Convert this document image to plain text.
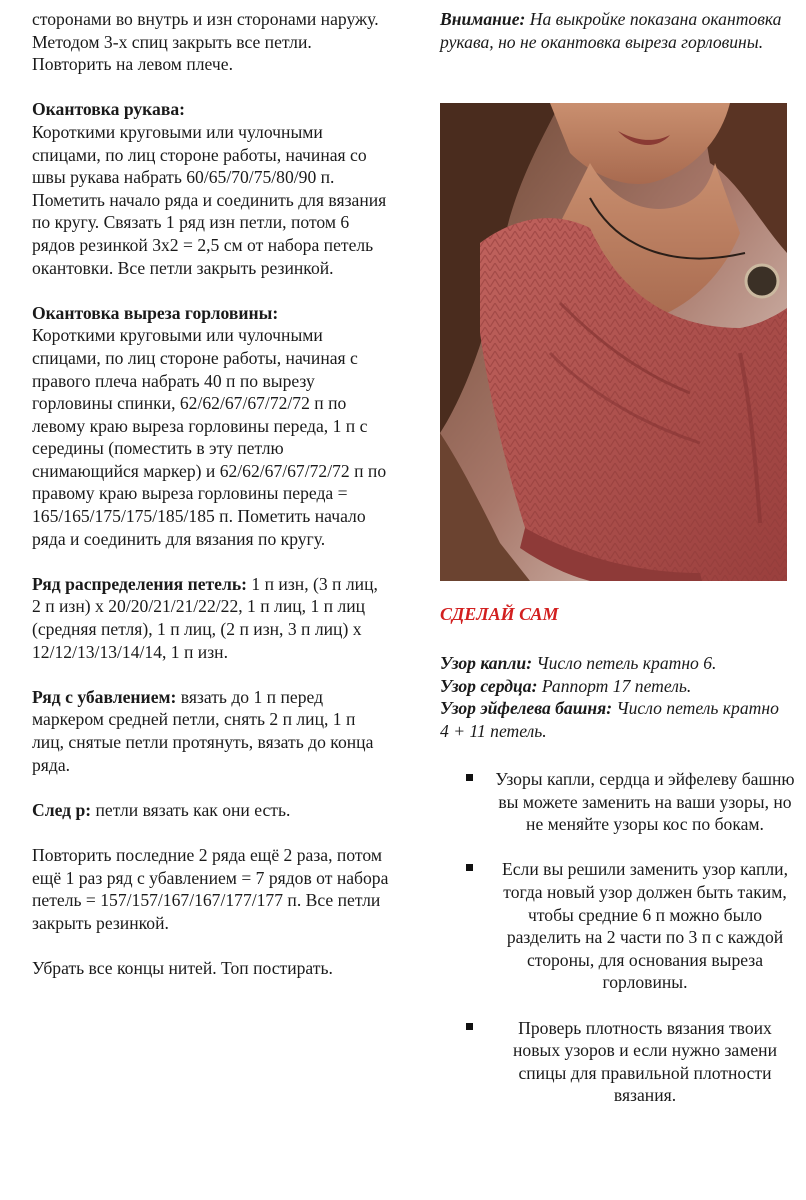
сторонами во внутрь и изн сторонами наружу. Методом 3-х спиц закрыть все петли. Повторить на левом плече.

Окантовка рукава:
Короткими круговыми или чулочными спицами, по лиц стороне работы, начиная со швы рукава набрать 60/65/70/75/80/90 п. Пометить начало ряда и соединить для вязания по кругу. Связать 1 ряд изн петли, потом 6 рядов резинкой 3х2 = 2,5 см от набора петель окантовки. Все петли закрыть резинкой.

Окантовка выреза горловины:
Короткими круговыми или чулочными спицами, по лиц стороне работы, начиная с правого плеча набрать 40 п по вырезу горловины спинки, 62/62/67/67/72/72 п по левому краю выреза горловины переда, 1 п с середины (поместить в эту петлю снимающийся маркер) и 62/62/67/67/72/72 п по правому краю выреза горловины переда = 165/165/175/175/185/185 п. Пометить начало ряда и соединить для вязания по кругу.

Ряд распределения петель: 1 п изн, (3 п лиц, 2 п изн) х 20/20/21/21/22/22, 1 п лиц, 1 п лиц (средняя петля), 1 п лиц, (2 п изн, 3 п лиц) х 12/12/13/13/14/14, 1 п изн.

Ряд с убавлением: вязать до 1 п перед маркером средней петли, снять 2 п лиц, 1 п лиц, снятые петли протянуть, вязать до конца ряда.

След р: петли вязать как они есть.

Повторить последние 2 ряда ещё 2 раза, потом ещё 1 раз ряд с убавлением = 7 рядов от набора петель = 157/157/167/167/177/177 п. Все петли закрыть резинкой.

Убрать все концы нитей. Топ постирать.

Внимание: На выкройке показана окантовка рукава, но не окантовка выреза горловины.

СДЕЛАЙ САМ
Узор капли: Число петель кратно 6.
Узор сердца: Раппорт 17 петель.
Узор эйфелева башня: Число петель кратно 4 + 11 петель.
Узоры капли, сердца и эйфелеву башню вы можете заменить на ваши узоры, но не меняйте узоры кос по бокам.
Если вы решили заменить узор капли, тогда новый узор должен быть таким, чтобы средние 6 п можно было разделить на 2 части по 3 п с каждой стороны, для основания выреза горловины.
Проверь плотность вязания твоих новых узоров и если нужно замени спицы для правильной плотности вязания.
